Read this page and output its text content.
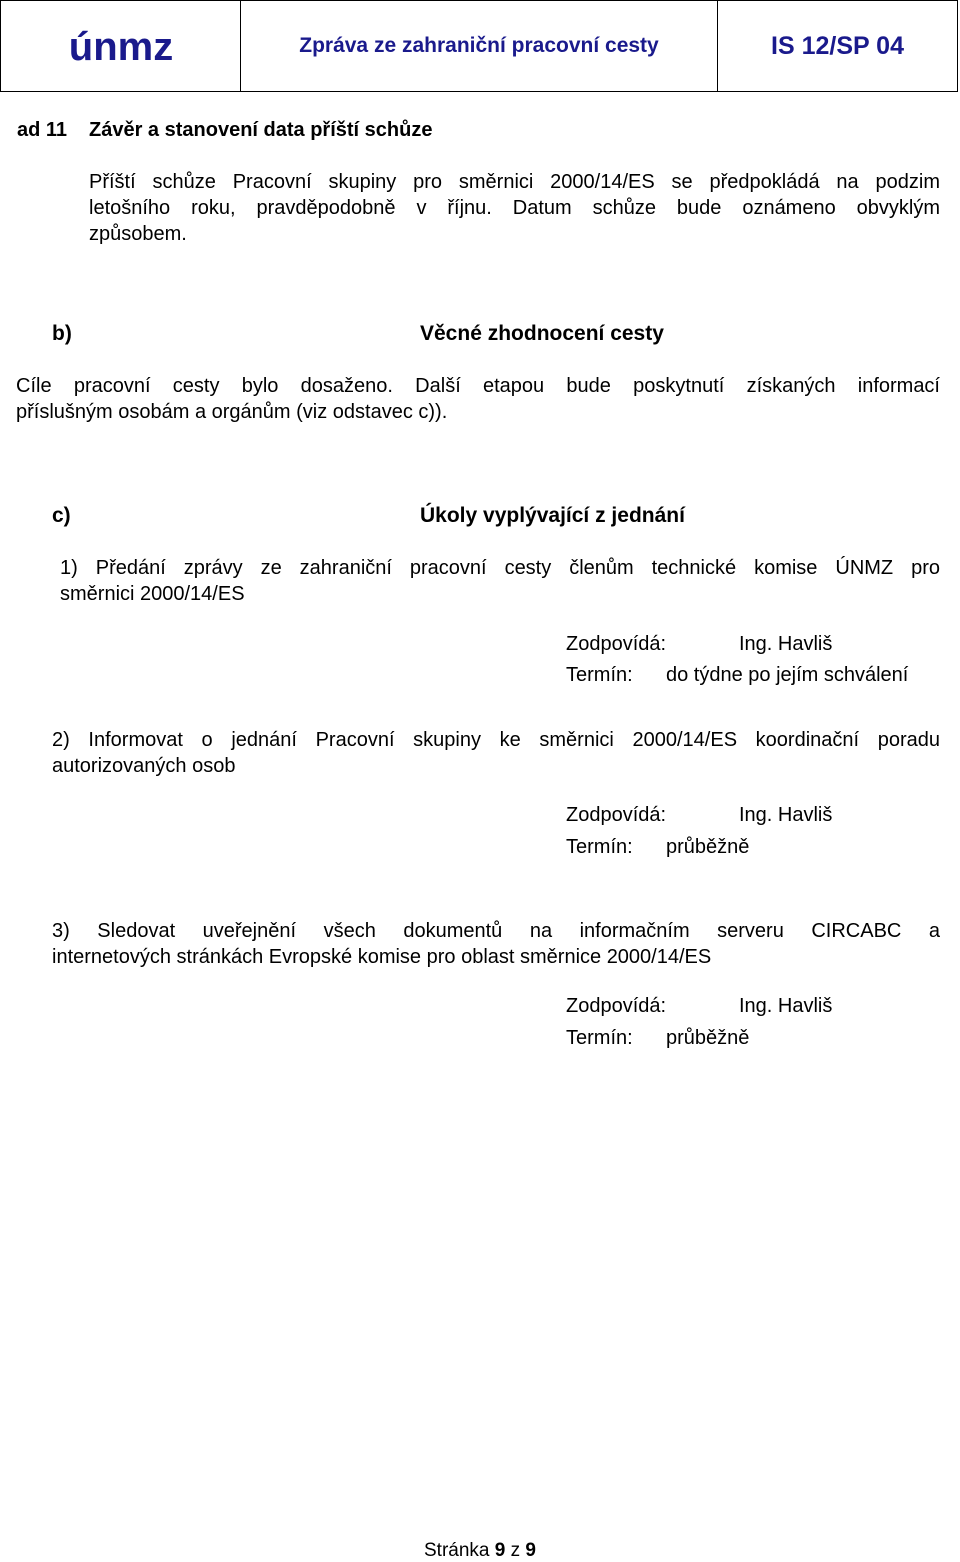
únmz	Zpráva ze zahraniční pracovní cesty	IS 12/SP 04
ad 11 Závěr a stanovení data příští schůze
Příští schůze Pracovní skupiny pro směrnici 2000/14/ES se předpokládá na podzim
letošního roku, pravděpodobně v říjnu. Datum schůze bude oznámeno obvyklým
způsobem.
b)	Věcné zhodnocení cesty
Cíle pracovní cesty bylo dosaženo. Další etapou bude poskytnutí získaných informací
příslušným osobám a orgánům (viz odstavec c)).
c)	Úkoly vyplývající z jednání
1) Předání zprávy ze zahraniční pracovní cesty členům technické komise ÚNMZ pro
směrnici 2000/14/ES
Zodpovídá:	Ing. Havliš
Termín: do týdne po jejím schválení
2) Informovat o jednání Pracovní skupiny ke směrnici 2000/14/ES koordinační poradu
autorizovaných osob
Zodpovídá:	Ing. Havliš
Termín: průběžně
3) Sledovat uveřejnění všech dokumentů na informačním serveru CIRCABC a
internetových stránkách Evropské komise pro oblast směrnice 2000/14/ES
Zodpovídá:	Ing. Havliš
Termín: průběžně
Stránka 9 z 9
